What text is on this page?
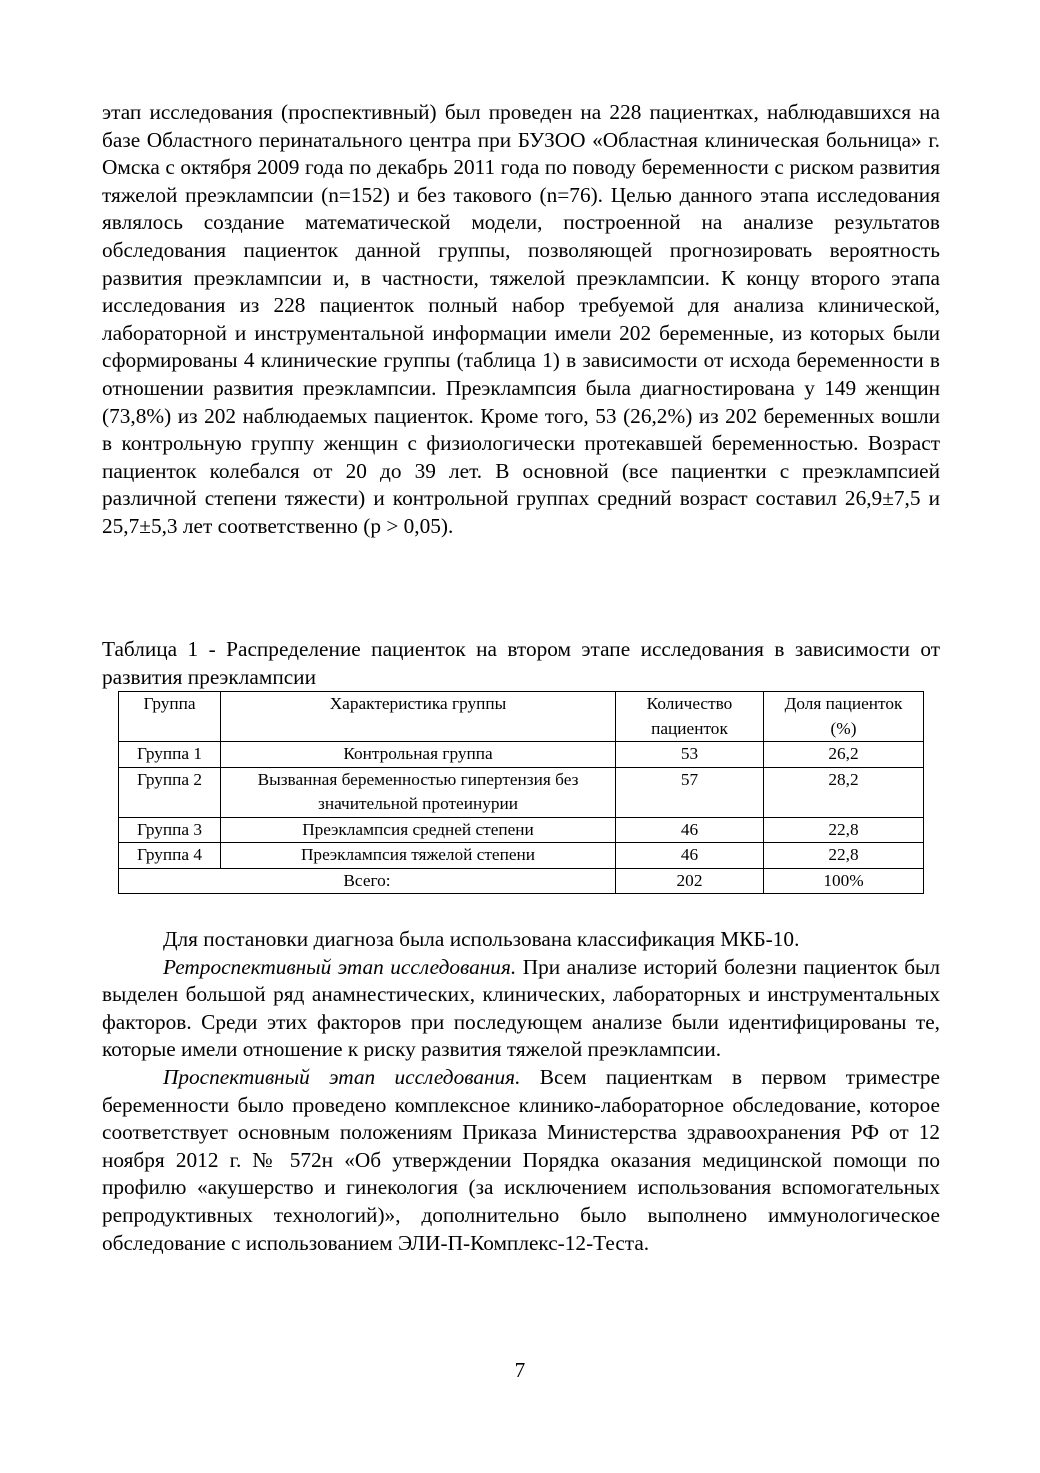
этап исследования (проспективный) был проведен на 228 пациентках, наблюдавшихся на базе Областного перинатального центра при БУЗОО «Областная клиническая больница» г. Омска с октября 2009 года по декабрь 2011 года по поводу беременности с риском развития тяжелой преэклампсии (n=152) и без такового (n=76). Целью данного этапа исследования являлось создание математической модели, построенной на анализе результатов обследования пациенток данной группы, позволяющей прогнозировать вероятность развития преэклампсии и, в частности, тяжелой преэклампсии. К концу второго этапа исследования из 228 пациенток полный набор требуемой для анализа клинической, лабораторной и инструментальной информации имели 202 беременные, из которых были сформированы 4 клинические группы (таблица 1) в зависимости от исхода беременности в отношении развития преэклампсии. Преэклампсия была диагностирована у 149 женщин (73,8%) из 202 наблюдаемых пациенток. Кроме того, 53 (26,2%) из 202 беременных вошли в контрольную группу женщин с физиологически протекавшей беременностью. Возраст пациенток колебался от 20 до 39 лет. В основной (все пациентки с преэклампсией различной степени тяжести) и контрольной группах средний возраст составил 26,9±7,5 и 25,7±5,3 лет соответственно (p > 0,05).

Таблица 1 - Распределение пациенток на втором этапе исследования в зависимости от развития преэклампсии
Группа	Характеристика группы	Количество пациенток	Доля пациенток (%)
Группа 1	Контрольная группа	53	26,2
Группа 2	Вызванная беременностью гипертензия без значительной протеинурии	57	28,2
Группа 3	Преэклампсия средней степени	46	22,8
Группа 4	Преэклампсия тяжелой степени	46	22,8
Всего:		202	100%

Для постановки диагноза была использована классификация МКБ-10.

Ретроспективный этап исследования. При анализе историй болезни пациенток был выделен большой ряд анамнестических, клинических, лабораторных и инструментальных факторов. Среди этих факторов при последующем анализе были идентифицированы те, которые имели отношение к риску развития тяжелой преэклампсии.

Проспективный этап исследования. Всем пациенткам в первом триместре беременности было проведено комплексное клинико-лабораторное обследование, которое соответствует основным положениям Приказа Министерства здравоохранения РФ от 12 ноября 2012 г. № 572н «Об утверждении Порядка оказания медицинской помощи по профилю «акушерство и гинекология (за исключением использования вспомогательных репродуктивных технологий)», дополнительно было выполнено иммунологическое обследование с использованием ЭЛИ-П-Комплекс-12-Теста.

7
